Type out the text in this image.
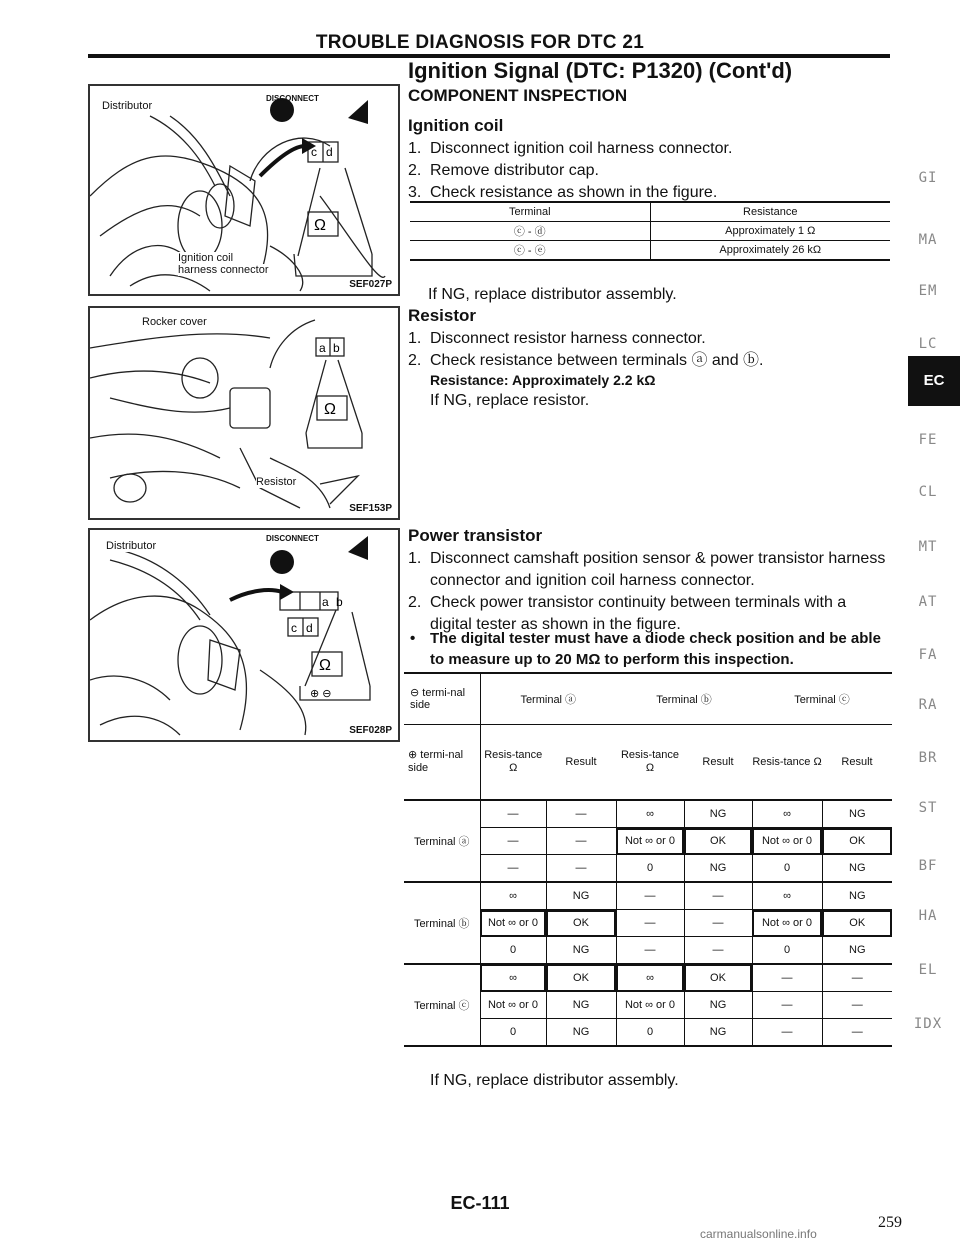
TROUBLE DIAGNOSIS FOR DTC 21
Ignition Signal (DTC: P1320) (Cont'd)
c d
Ω
Distributor
DISCONNECT
Ignition coil
harness connector
SEF027P
a b
Ω
Rocker cover
Resistor
SEF153P
a b
c d
Ω
⊕ ⊖
Distributor
DISCONNECT
SEF028P
COMPONENT INSPECTION
Ignition coil
1. Disconnect ignition coil harness connector.
2. Remove distributor cap.
3. Check resistance as shown in the figure.
Terminal	Resistance
ⓒ - ⓓ	Approximately 1 Ω
ⓒ - ⓔ	Approximately 26 kΩ
If NG, replace distributor assembly.
Resistor
1. Disconnect resistor harness connector.
2. Check resistance between terminals ⓐ and ⓑ.
Resistance: Approximately 2.2 kΩ
If NG, replace resistor.
Power transistor
1. Disconnect camshaft position sensor & power transistor harness connector and ignition coil harness connector.
2. Check power transistor continuity between terminals with a digital tester as shown in the figure.
• The digital tester must have a diode check position and be able to measure up to 20 MΩ to perform this inspection.
⊖ termi-nal side	Terminal ⓐ		Terminal ⓑ		Terminal ⓒ	
⊕ termi-nal side	Resis-tance Ω	Result	Resis-tance Ω	Result	Resis-tance Ω	Result
Terminal ⓐ	—	—	∞	NG	∞	NG
	—	—	Not ∞ or 0	OK	Not ∞ or 0	OK
	—	—	0	NG	0	NG
Terminal ⓑ	∞	NG	—	—	∞	NG
	Not ∞ or 0	OK	—	—	Not ∞ or 0	OK
	0	NG	—	—	0	NG
Terminal ⓒ	∞	OK	∞	OK	—	—
	Not ∞ or 0	NG	Not ∞ or 0	NG	—	—
	0	NG	0	NG	—	—
If NG, replace distributor assembly.
GI
MA
EM
LC
EC
FE
CL
MT
AT
FA
RA
BR
ST
BF
HA
EL
IDX
EC-111
259
carmanualsonline.info
